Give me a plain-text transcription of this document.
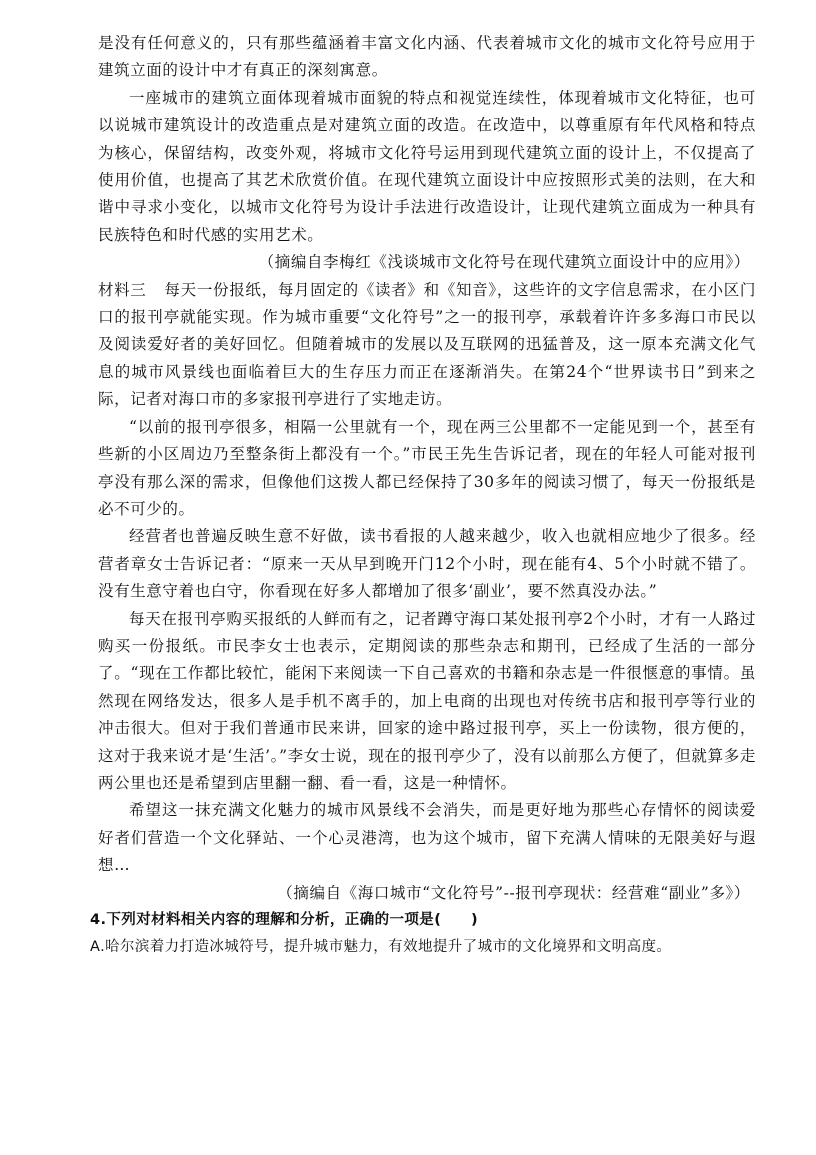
是没有任何意义的，只有那些蕴涵着丰富文化内涵、代表着城市文化的城市文化符号应用于建筑立面的设计中才有真正的深刻寓意。

一座城市的建筑立面体现着城市面貌的特点和视觉连续性，体现着城市文化特征，也可以说城市建筑设计的改造重点是对建筑立面的改造。在改造中，以尊重原有年代风格和特点为核心，保留结构，改变外观，将城市文化符号运用到现代建筑立面的设计上，不仅提高了使用价值，也提高了其艺术欣赏价值。在现代建筑立面设计中应按照形式美的法则，在大和谐中寻求小变化，以城市文化符号为设计手法进行改造设计，让现代建筑立面成为一种具有民族特色和时代感的实用艺术。

（摘编自李梅红《浅谈城市文化符号在现代建筑立面设计中的应用》）

材料三 每天一份报纸，每月固定的《读者》和《知音》，这些许的文字信息需求，在小区门口的报刊亭就能实现。作为城市重要“文化符号”之一的报刊亭，承载着许许多多海口市民以及阅读爱好者的美好回忆。但随着城市的发展以及互联网的迅猛普及，这一原本充满文化气息的城市风景线也面临着巨大的生存压力而正在逐渐消失。在第24个“世界读书日”到来之际，记者对海口市的多家报刊亭进行了实地走访。

“以前的报刊亭很多，相隔一公里就有一个，现在两三公里都不一定能见到一个，甚至有些新的小区周边乃至整条街上都没有一个。”市民王先生告诉记者，现在的年轻人可能对报刊亭没有那么深的需求，但像他们这拨人都已经保持了30多年的阅读习惯了，每天一份报纸是必不可少的。

经营者也普遍反映生意不好做，读书看报的人越来越少，收入也就相应地少了很多。经营者章女士告诉记者：“原来一天从早到晚开门12个小时，现在能有4、5个小时就不错了。没有生意守着也白守，你看现在好多人都增加了很多‘副业’，要不然真没办法。”

每天在报刊亭购买报纸的人鲜而有之，记者蹲守海口某处报刊亭2个小时，才有一人路过购买一份报纸。市民李女士也表示，定期阅读的那些杂志和期刊，已经成了生活的一部分了。“现在工作都比较忙，能闲下来阅读一下自己喜欢的书籍和杂志是一件很惬意的事情。虽然现在网络发达，很多人是手机不离手的，加上电商的出现也对传统书店和报刊亭等行业的冲击很大。但对于我们普通市民来讲，回家的途中路过报刊亭，买上一份读物，很方便的，这对于我来说才是‘生活’。”李女士说，现在的报刊亭少了，没有以前那么方便了，但就算多走两公里也还是希望到店里翻一翻、看一看，这是一种情怀。

希望这一抹充满文化魅力的城市风景线不会消失，而是更好地为那些心存情怀的阅读爱好者们营造一个文化驿站、一个心灵港湾，也为这个城市，留下充满人情味的无限美好与遐想…

（摘编自《海口城市“文化符号”--报刊亭现状：经营难“副业”多》）

4.下列对材料相关内容的理解和分析，正确的一项是(　　)

A.哈尔滨着力打造冰城符号，提升城市魅力，有效地提升了城市的文化境界和文明高度。
